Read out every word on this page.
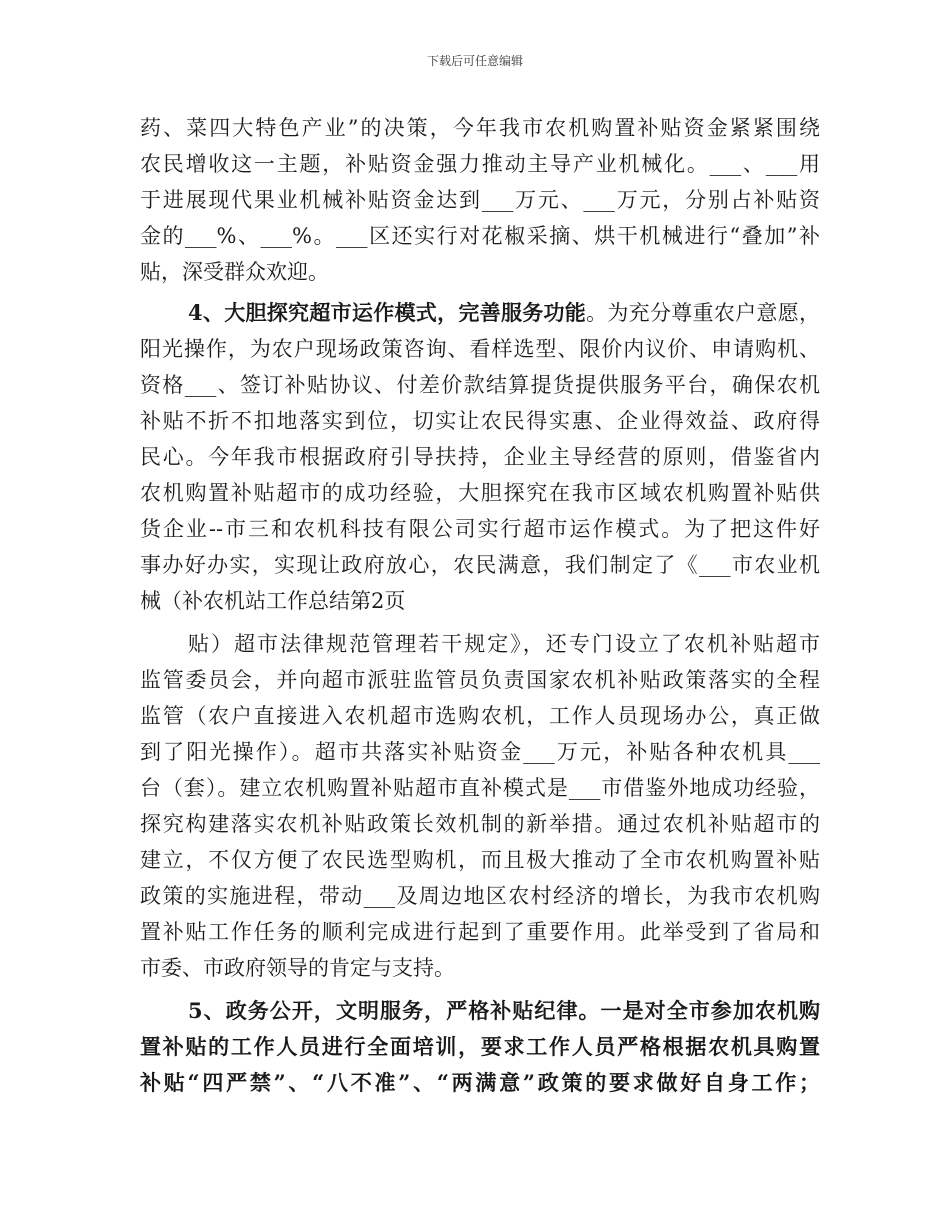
下载后可任意编辑
药、菜四大特色产业”的决策，今年我市农机购置补贴资金紧紧围绕
农民增收这一主题，补贴资金强力推动主导产业机械化。___、___用
于进展现代果业机械补贴资金达到___万元、___万元，分别占补贴资
金的___%、___%。___区还实行对花椒采摘、烘干机械进行“叠加”补
贴，深受群众欢迎。
4、大胆探究超市运作模式，完善服务功能。为充分尊重农户意愿，
阳光操作，为农户现场政策咨询、看样选型、限价内议价、申请购机、
资格___、签订补贴协议、付差价款结算提货提供服务平台，确保农机
补贴不折不扣地落实到位，切实让农民得实惠、企业得效益、政府得
民心。今年我市根据政府引导扶持，企业主导经营的原则，借鉴省内
农机购置补贴超市的成功经验，大胆探究在我市区域农机购置补贴供
货企业--市三和农机科技有限公司实行超市运作模式。为了把这件好
事办好办实，实现让政府放心，农民满意，我们制定了《___市农业机
械（补农机站工作总结第2页
贴）超市法律规范管理若干规定》，还专门设立了农机补贴超市
监管委员会，并向超市派驻监管员负责国家农机补贴政策落实的全程
监管（农户直接进入农机超市选购农机，工作人员现场办公，真正做
到了阳光操作）。超市共落实补贴资金___万元，补贴各种农机具___
台（套）。建立农机购置补贴超市直补模式是___市借鉴外地成功经验，
探究构建落实农机补贴政策长效机制的新举措。通过农机补贴超市的
建立，不仅方便了农民选型购机，而且极大推动了全市农机购置补贴
政策的实施进程，带动___及周边地区农村经济的增长，为我市农机购
置补贴工作任务的顺利完成进行起到了重要作用。此举受到了省局和
市委、市政府领导的肯定与支持。
5、政务公开，文明服务，严格补贴纪律。一是对全市参加农机购
置补贴的工作人员进行全面培训，要求工作人员严格根据农机具购置
补贴“四严禁”、“八不准”、“两满意”政策的要求做好自身工作；
